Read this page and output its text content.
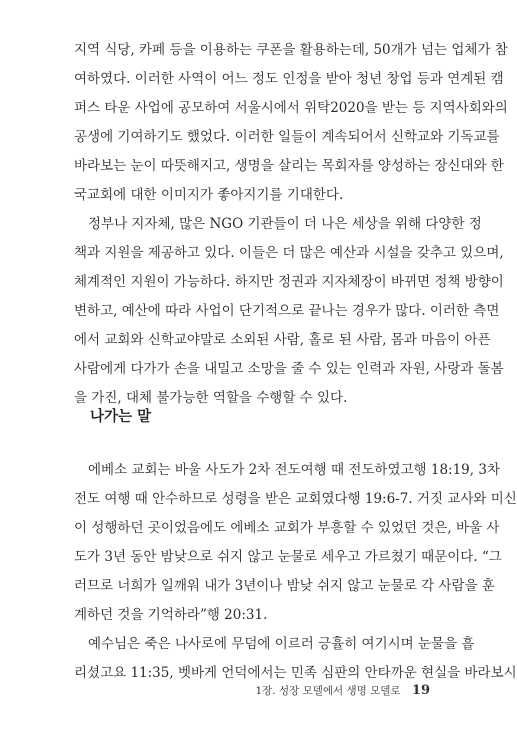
지역 식당, 카페 등을 이용하는 쿠폰을 활용하는데, 50개가 넘는 업체가 참
여하였다. 이러한 사역이 어느 정도 인정을 받아 청년 창업 등과 연계된 캠
퍼스 타운 사업에 공모하여 서울시에서 위탁2020을 받는 등 지역사회와의
공생에 기여하기도 했었다. 이러한 일들이 계속되어서 신학교와 기독교를
바라보는 눈이 따뜻해지고, 생명을 살리는 목회자를 양성하는 장신대와 한
국교회에 대한 이미지가 좋아지기를 기대한다.
정부나 지자체, 많은 NGO 기관들이 더 나은 세상을 위해 다양한 정
책과 지원을 제공하고 있다. 이들은 더 많은 예산과 시설을 갖추고 있으며,
체계적인 지원이 가능하다. 하지만 정권과 지자체장이 바뀌면 정책 방향이
변하고, 예산에 따라 사업이 단기적으로 끝나는 경우가 많다. 이러한 측면
에서 교회와 신학교야말로 소외된 사람, 홀로 된 사람, 몸과 마음이 아픈
사람에게 다가가 손을 내밀고 소망을 줄 수 있는 인력과 자원, 사랑과 돌봄
을 가진, 대체 불가능한 역할을 수행할 수 있다.
나가는 말
에베소 교회는 바울 사도가 2차 전도여행 때 전도하였고행 18:19, 3차
전도 여행 때 안수하므로 성령을 받은 교회였다행 19:6-7. 거짓 교사와 미신
이 성행하던 곳이었음에도 에베소 교회가 부흥할 수 있었던 것은, 바울 사
도가 3년 동안 밤낮으로 쉬지 않고 눈물로 세우고 가르쳤기 때문이다. “그
러므로 너희가 일깨워 내가 3년이나 밤낮 쉬지 않고 눈물로 각 사람을 훈
계하던 것을 기억하라”행 20:31.
예수님은 죽은 나사로에 무덤에 이르러 긍휼히 여기시며 눈물을 흘
리셨고요 11:35, 벳바게 언덕에서는 민족 심판의 안타까운 현실을 바라보시
1장. 성장 모델에서 생명 모델로 19
